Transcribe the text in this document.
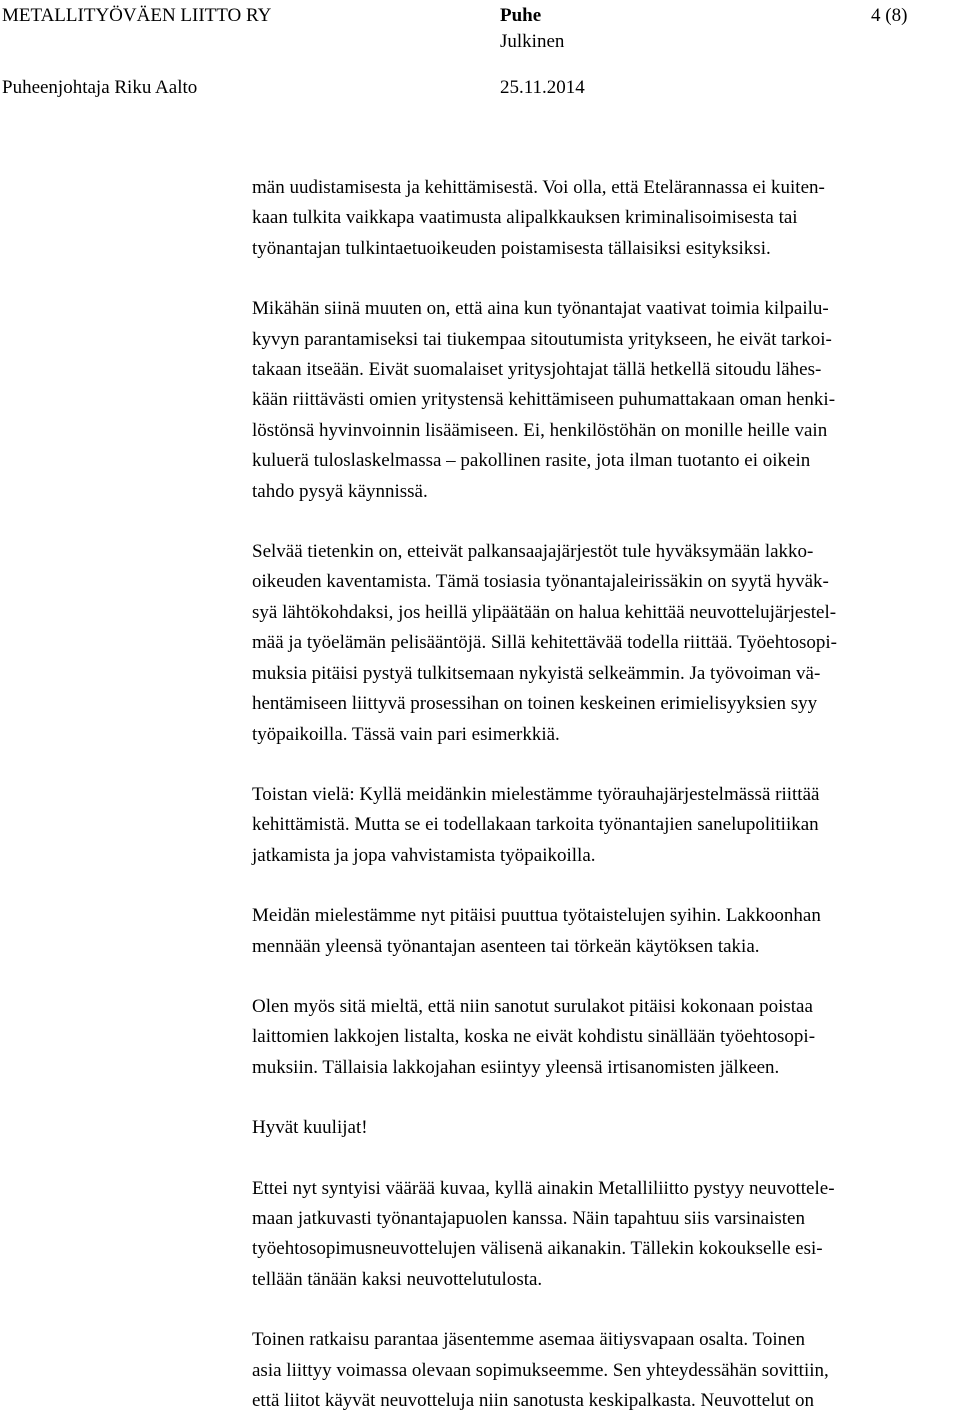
METALLITYÖVÄEN LIITTO RY	Puhe	4 (8)
Julkinen
Puheenjohtaja Riku Aalto	25.11.2014

män uudistamisesta ja kehittämisestä. Voi olla, että Etelärannassa ei kuiten-
kaan tulkita vaikkapa vaatimusta alipalkkauksen kriminalisoimisesta tai
työnantajan tulkintaetuoikeuden poistamisesta tällaisiksi esityksiksi.

Mikähän siinä muuten on, että aina kun työnantajat vaativat toimia kilpailu-
kyvyn parantamiseksi tai tiukempaa sitoutumista yritykseen, he eivät tarkoi-
takaan itseään. Eivät suomalaiset yritysjohtajat tällä hetkellä sitoudu lähes-
kään riittävästi omien yritystensä kehittämiseen puhumattakaan oman henki-
löstönsä hyvinvoinnin lisäämiseen. Ei, henkilöstöhän on monille heille vain
kuluerä tuloslaskelmassa – pakollinen rasite, jota ilman tuotanto ei oikein
tahdo pysyä käynnissä.

Selvää tietenkin on, etteivät palkansaajajärjestöt tule hyväksymään lakko-
oikeuden kaventamista. Tämä tosiasia työnantajaleirissäkin on syytä hyväk-
syä lähtökohdaksi, jos heillä ylipäätään on halua kehittää neuvottelujärjestel-
mää ja työelämän pelisääntöjä. Sillä kehitettävää todella riittää. Työehtosopi-
muksia pitäisi pystyä tulkitsemaan nykyistä selkeämmin. Ja työvoiman vä-
hentämiseen liittyvä prosessihan on toinen keskeinen erimielisyyksien syy
työpaikoilla. Tässä vain pari esimerkkiä.

Toistan vielä: Kyllä meidänkin mielestämme työrauhajärjestelmässä riittää
kehittämistä. Mutta se ei todellakaan tarkoita työnantajien sanelupolitiikan
jatkamista ja jopa vahvistamista työpaikoilla.

Meidän mielestämme nyt pitäisi puuttua työtaistelujen syihin. Lakkoonhan
mennään yleensä työnantajan asenteen tai törkeän käytöksen takia.

Olen myös sitä mieltä, että niin sanotut surulakot pitäisi kokonaan poistaa
laittomien lakkojen listalta, koska ne eivät kohdistu sinällään työehtosopi-
muksiin. Tällaisia lakkojahan esiintyy yleensä irtisanomisten jälkeen.

Hyvät kuulijat!

Ettei nyt syntyisi väärää kuvaa, kyllä ainakin Metalliliitto pystyy neuvottele-
maan jatkuvasti työnantajapuolen kanssa. Näin tapahtuu siis varsinaisten
työehtosopimusneuvottelujen välisenä aikanakin. Tällekin kokoukselle esi-
tellään tänään kaksi neuvottelutulosta.

Toinen ratkaisu parantaa jäsentemme asemaa äitiysvapaan osalta. Toinen
asia liittyy voimassa olevaan sopimukseemme. Sen yhteydessähän sovittiin,
että liitot käyvät neuvotteluja niin sanotusta keskipalkasta. Neuvottelut on
